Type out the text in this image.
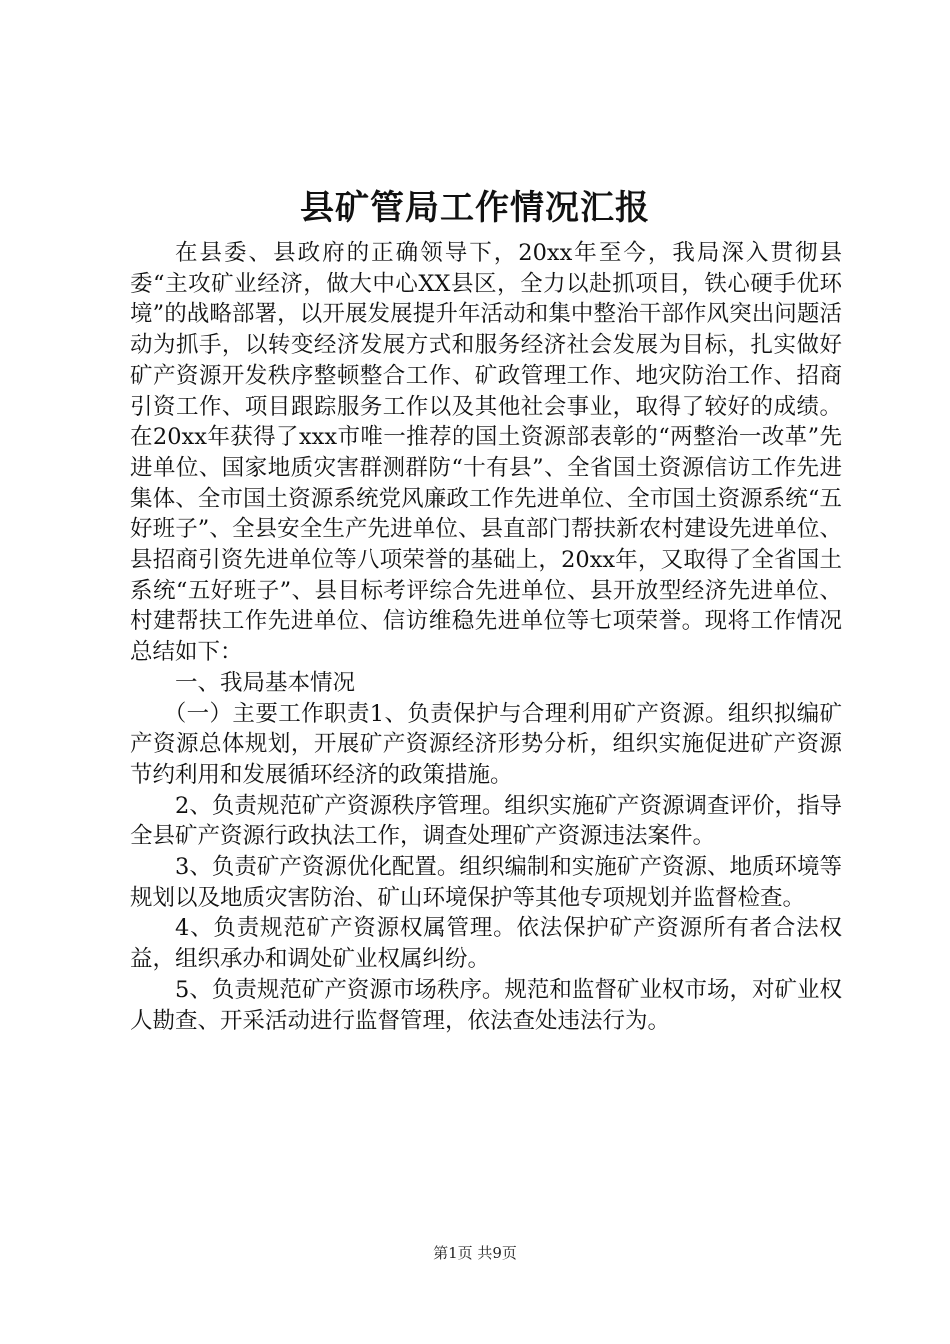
县矿管局工作情况汇报

在县委、县政府的正确领导下，20xx年至今，我局深入贯彻县委“主攻矿业经济，做大中心XX县区，全力以赴抓项目，铁心硬手优环境”的战略部署，以开展发展提升年活动和集中整治干部作风突出问题活动为抓手，以转变经济发展方式和服务经济社会发展为目标，扎实做好矿产资源开发秩序整顿整合工作、矿政管理工作、地灾防治工作、招商引资工作、项目跟踪服务工作以及其他社会事业，取得了较好的成绩。在20xx年获得了xxx市唯一推荐的国土资源部表彰的“两整治一改革”先进单位、国家地质灾害群测群防“十有县”、全省国土资源信访工作先进集体、全市国土资源系统党风廉政工作先进单位、全市国土资源系统“五好班子”、全县安全生产先进单位、县直部门帮扶新农村建设先进单位、县招商引资先进单位等八项荣誉的基础上，20xx年，又取得了全省国土系统“五好班子”、县目标考评综合先进单位、县开放型经济先进单位、村建帮扶工作先进单位、信访维稳先进单位等七项荣誉。现将工作情况总结如下：

一、我局基本情况

（一）主要工作职责1、负责保护与合理利用矿产资源。组织拟编矿产资源总体规划，开展矿产资源经济形势分析，组织实施促进矿产资源节约利用和发展循环经济的政策措施。

2、负责规范矿产资源秩序管理。组织实施矿产资源调查评价，指导全县矿产资源行政执法工作，调查处理矿产资源违法案件。

3、负责矿产资源优化配置。组织编制和实施矿产资源、地质环境等规划以及地质灾害防治、矿山环境保护等其他专项规划并监督检查。

4、负责规范矿产资源权属管理。依法保护矿产资源所有者合法权益，组织承办和调处矿业权属纠纷。

5、负责规范矿产资源市场秩序。规范和监督矿业权市场，对矿业权人勘查、开采活动进行监督管理，依法查处违法行为。

第1页 共9页
